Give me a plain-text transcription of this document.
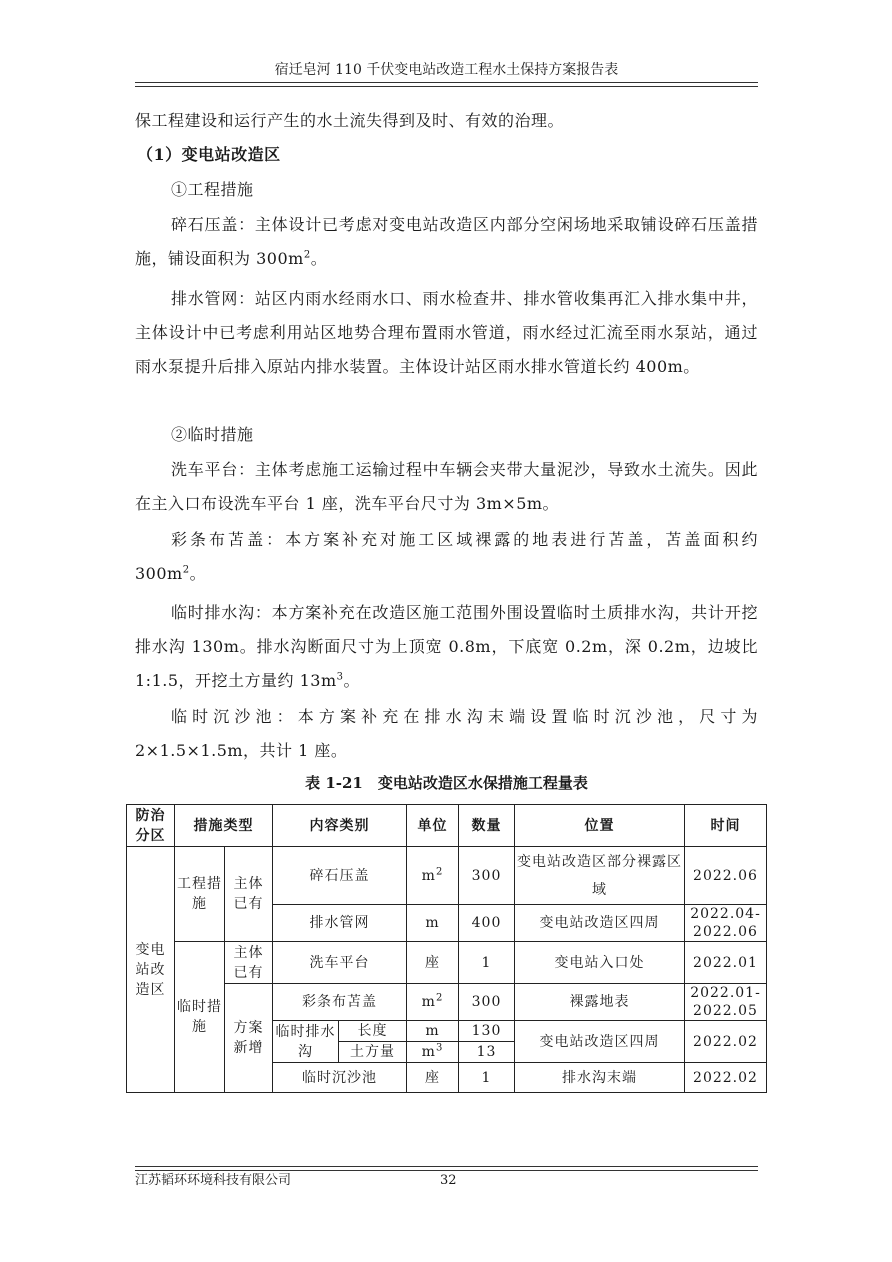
宿迁皂河 110 千伏变电站改造工程水土保持方案报告表
保工程建设和运行产生的水土流失得到及时、有效的治理。
（1）变电站改造区
①工程措施
碎石压盖：主体设计已考虑对变电站改造区内部分空闲场地采取铺设碎石压盖措施，铺设面积为 $300m^2$。
排水管网：站区内雨水经雨水口、雨水检查井、排水管收集再汇入排水集中井，主体设计中已考虑利用站区地势合理布置雨水管道，雨水经过汇流至雨水泵站，通过雨水泵提升后排入原站内排水装置。主体设计站区雨水排水管道长约 400m。
②临时措施
洗车平台：主体考虑施工运输过程中车辆会夹带大量泥沙，导致水土流失。因此在主入口布设洗车平台 1 座，洗车平台尺寸为 3m×5m。
彩条布苫盖：本方案补充对施工区域裸露的地表进行苫盖，苫盖面积约 $300m^2$。
临时排水沟：本方案补充在改造区施工范围外围设置临时土质排水沟，共计开挖排水沟 130m。排水沟断面尺寸为上顶宽 0.8m，下底宽 0.2m，深 0.2m，边坡比 1:1.5，开挖土方量约 $13m^3$。
临时沉沙池：本方案补充在排水沟末端设置临时沉沙池，尺寸为 2×1.5×1.5m，共计 1 座。
表 1-21　变电站改造区水保措施工程量表
防治分区	措施类型		内容类别		单位	数量	位置	时间
变电站改造区	工程措施	主体已有	碎石压盖		$m^2$	300	变电站改造区部分裸露区域	2022.06
			排水管网		m	400	变电站改造区四周	2022.04-2022.06
	临时措施	主体已有	洗车平台		座	1	变电站入口处	2022.01
		方案新增	彩条布苫盖		$m^2$	300	裸露地表	2022.01-2022.05
			临时排水沟	长度	m	130	变电站改造区四周	2022.02
				土方量	$m^3$	13		
			临时沉沙池		座	1	排水沟末端	2022.02
江苏韬环环境科技有限公司	32
